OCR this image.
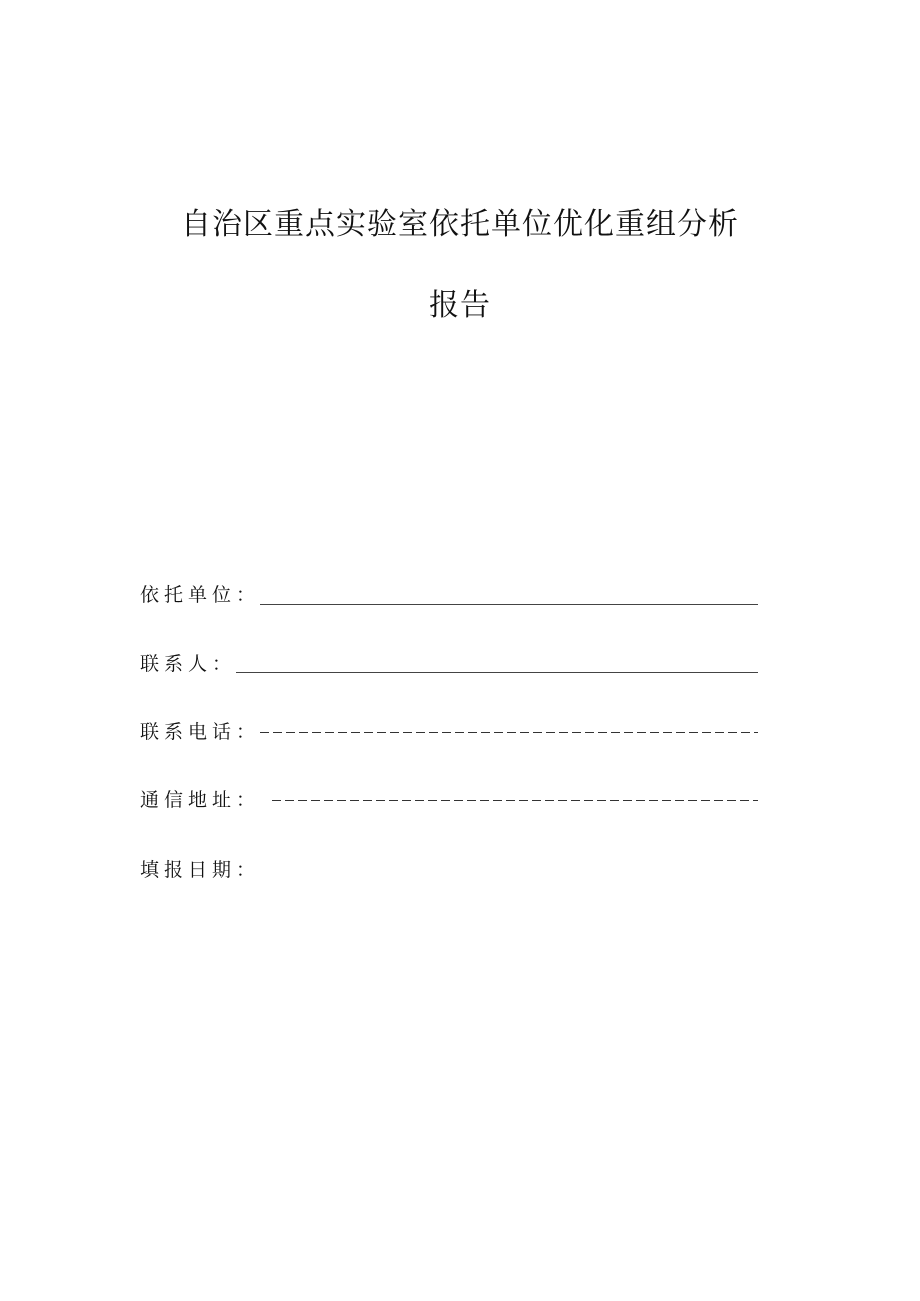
自治区重点实验室依托单位优化重组分析
报告
依托单位：
联系人：
联系电话：
通信地址：
填报日期：
